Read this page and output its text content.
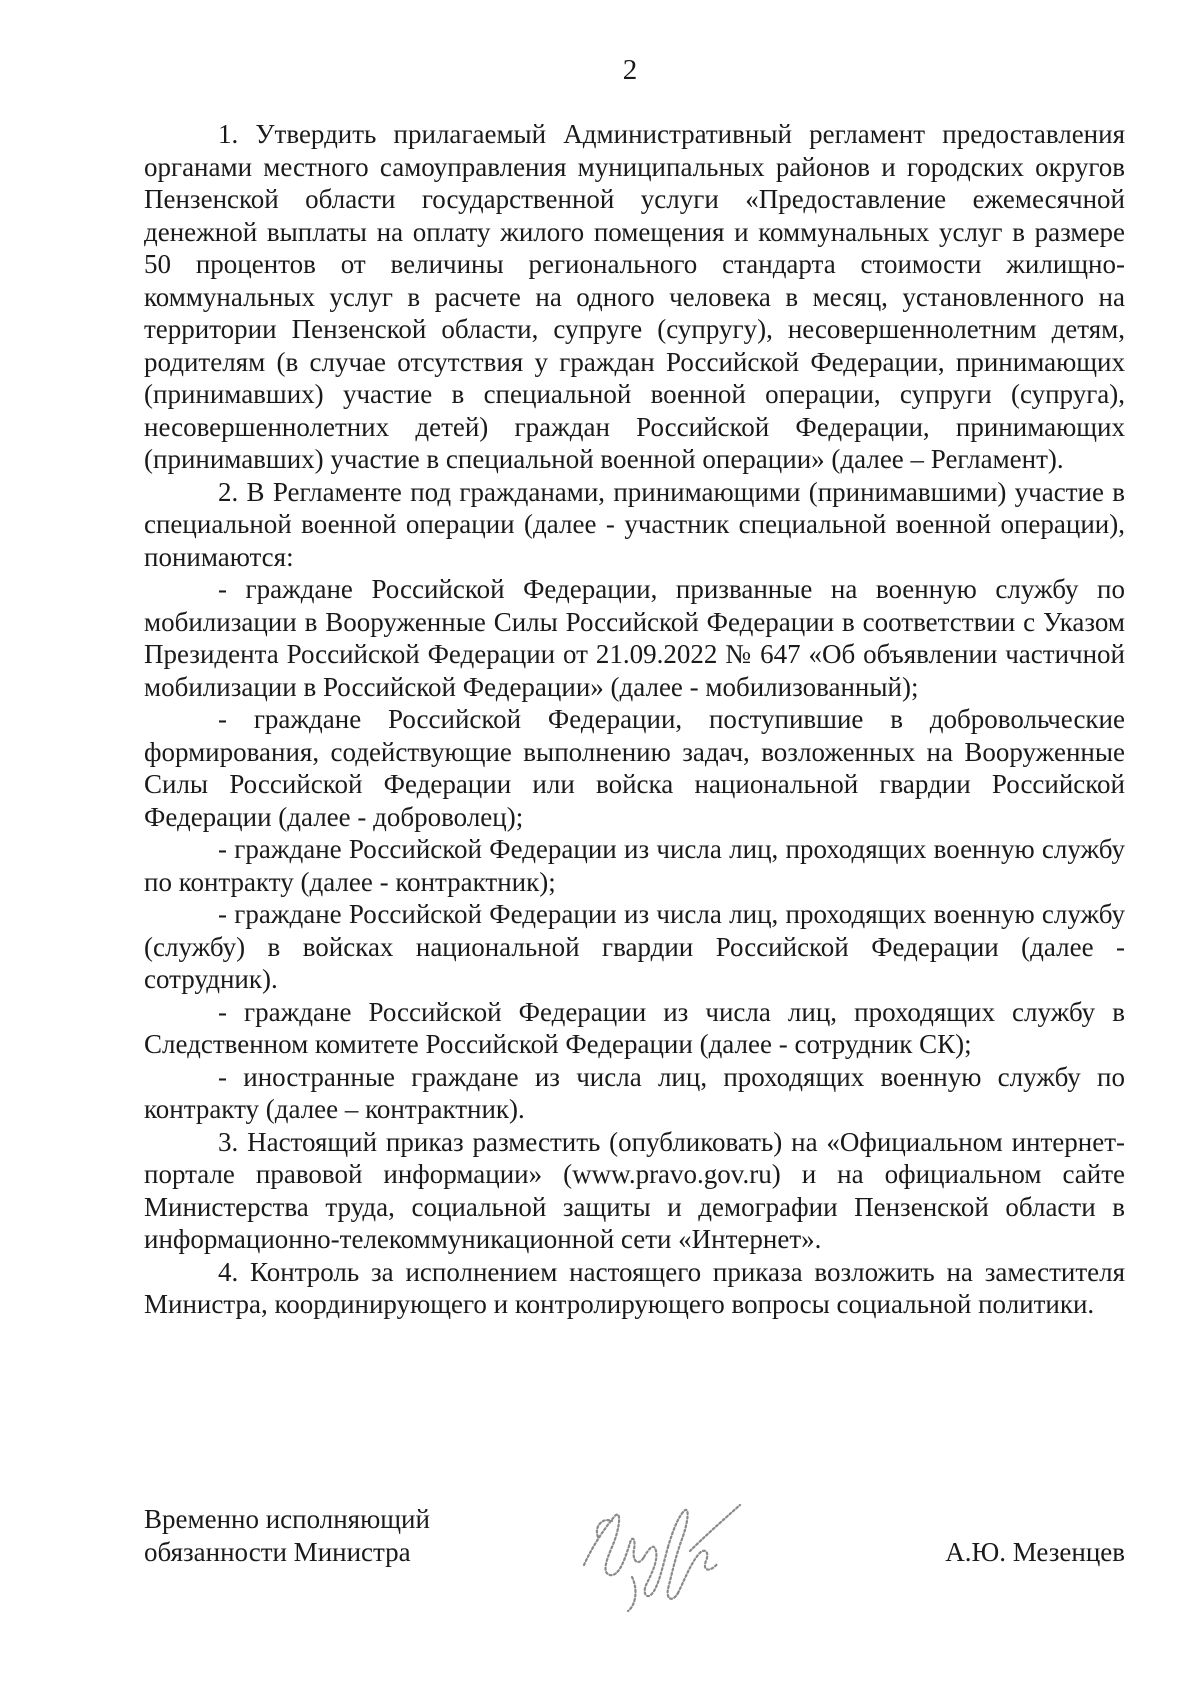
2

1. Утвердить прилагаемый Административный регламент предоставления органами местного самоуправления муниципальных районов и городских округов Пензенской области государственной услуги «Предоставление ежемесячной денежной выплаты на оплату жилого помещения и коммунальных услуг в размере 50 процентов от величины регионального стандарта стоимости жилищно-коммунальных услуг в расчете на одного человека в месяц, установленного на территории Пензенской области, супруге (супругу), несовершеннолетним детям, родителям (в случае отсутствия у граждан Российской Федерации, принимающих (принимавших) участие в специальной военной операции, супруги (супруга), несовершеннолетних детей) граждан Российской Федерации, принимающих (принимавших) участие в специальной военной операции» (далее – Регламент).

2. В Регламенте под гражданами, принимающими (принимавшими) участие в специальной военной операции (далее - участник специальной военной операции), понимаются:

- граждане Российской Федерации, призванные на военную службу по мобилизации в Вооруженные Силы Российской Федерации в соответствии с Указом Президента Российской Федерации от 21.09.2022 № 647 «Об объявлении частичной мобилизации в Российской Федерации» (далее - мобилизованный);

- граждане Российской Федерации, поступившие в добровольческие формирования, содействующие выполнению задач, возложенных на Вооруженные Силы Российской Федерации или войска национальной гвардии Российской Федерации (далее - доброволец);

- граждане Российской Федерации из числа лиц, проходящих военную службу по контракту (далее - контрактник);

- граждане Российской Федерации из числа лиц, проходящих военную службу (службу) в войсках национальной гвардии Российской Федерации (далее - сотрудник).

- граждане Российской Федерации из числа лиц, проходящих службу в Следственном комитете Российской Федерации (далее - сотрудник СК);

- иностранные граждане из числа лиц, проходящих военную службу по контракту (далее – контрактник).

3. Настоящий приказ разместить (опубликовать) на «Официальном интернет-портале правовой информации» (www.pravo.gov.ru) и на официальном сайте Министерства труда, социальной защиты и демографии Пензенской области в информационно-телекоммуникационной сети «Интернет».

4. Контроль за исполнением настоящего приказа возложить на заместителя Министра, координирующего и контролирующего вопросы социальной политики.

Временно исполняющий
обязанности Министра	А.Ю. Мезенцев
